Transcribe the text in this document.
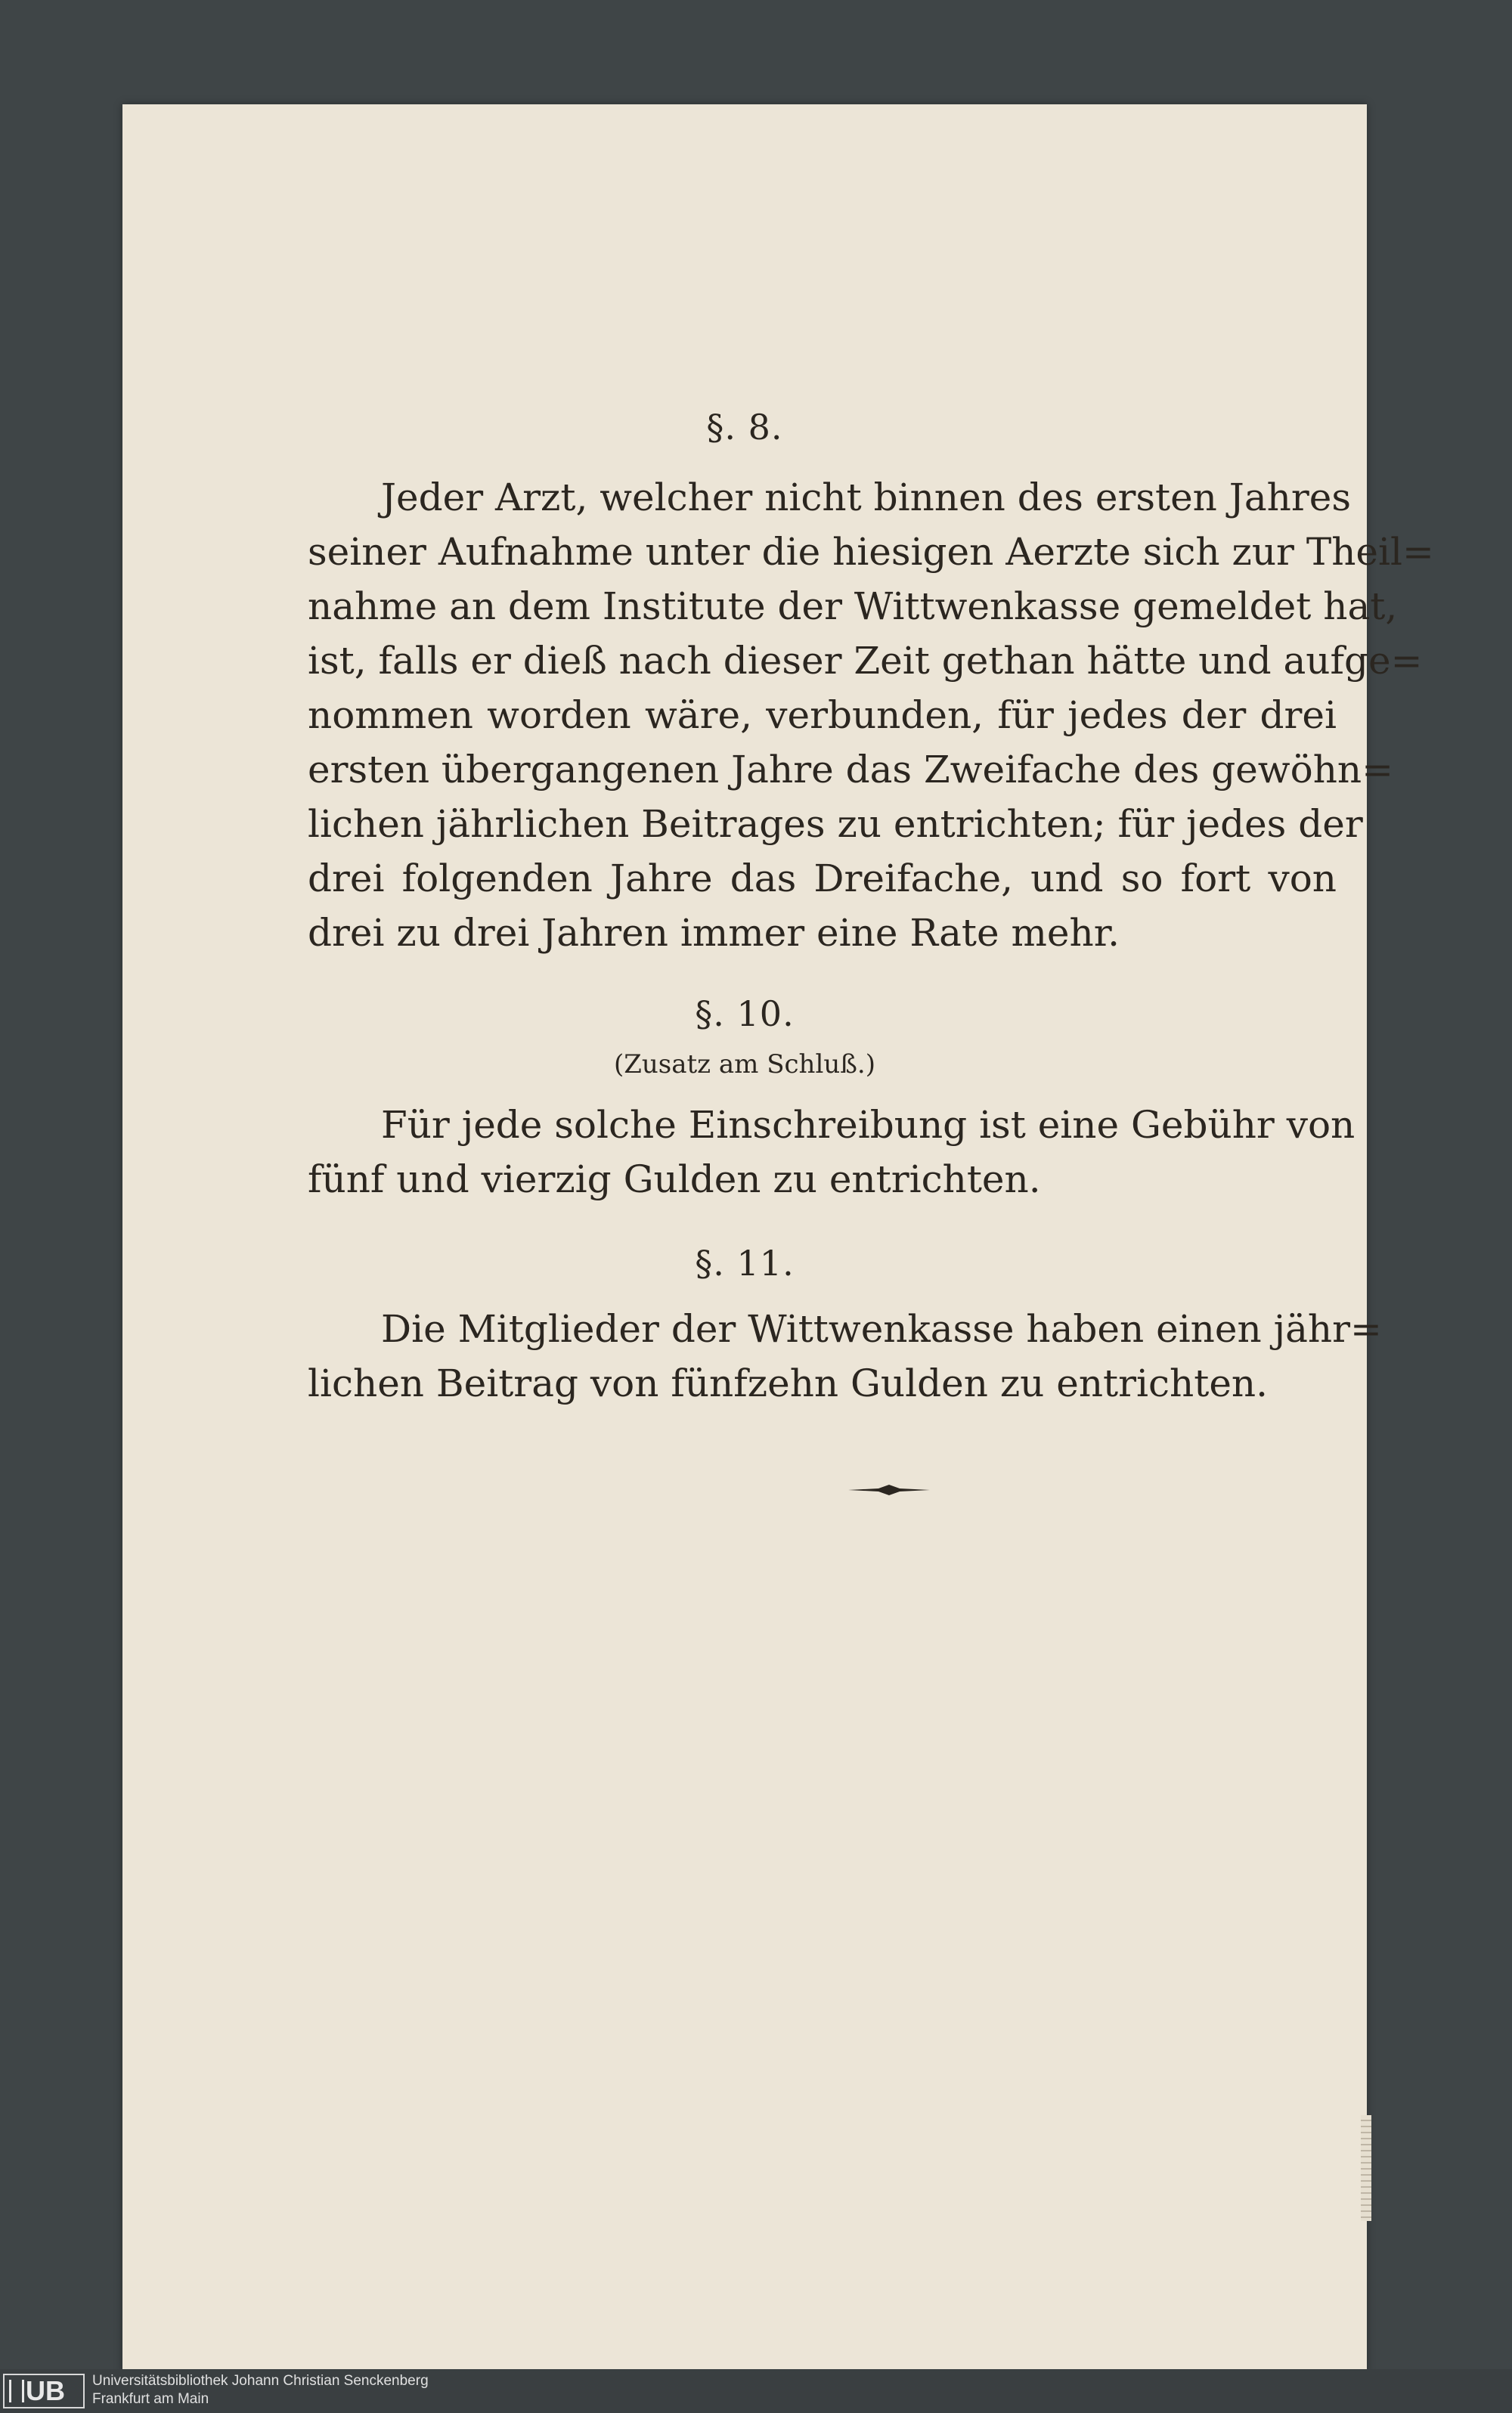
§. 8.
Jeder Arzt, welcher nicht binnen des ersten Jahres
seiner Aufnahme unter die hiesigen Aerzte sich zur Theil=
nahme an dem Institute der Wittwenkasse gemeldet hat,
ist, falls er dieß nach dieser Zeit gethan hätte und aufge=
nommen worden wäre, verbunden, für jedes der drei
ersten übergangenen Jahre das Zweifache des gewöhn=
lichen jährlichen Beitrages zu entrichten; für jedes der
drei folgenden Jahre das Dreifache, und so fort von
drei zu drei Jahren immer eine Rate mehr.
§. 10.
(Zusatz am Schluß.)
Für jede solche Einschreibung ist eine Gebühr von
fünf und vierzig Gulden zu entrichten.
§. 11.
Die Mitglieder der Wittwenkasse haben einen jähr=
lichen Beitrag von fünfzehn Gulden zu entrichten.
UB	Universitätsbibliothek Johann Christian Senckenberg
Frankfurt am Main
